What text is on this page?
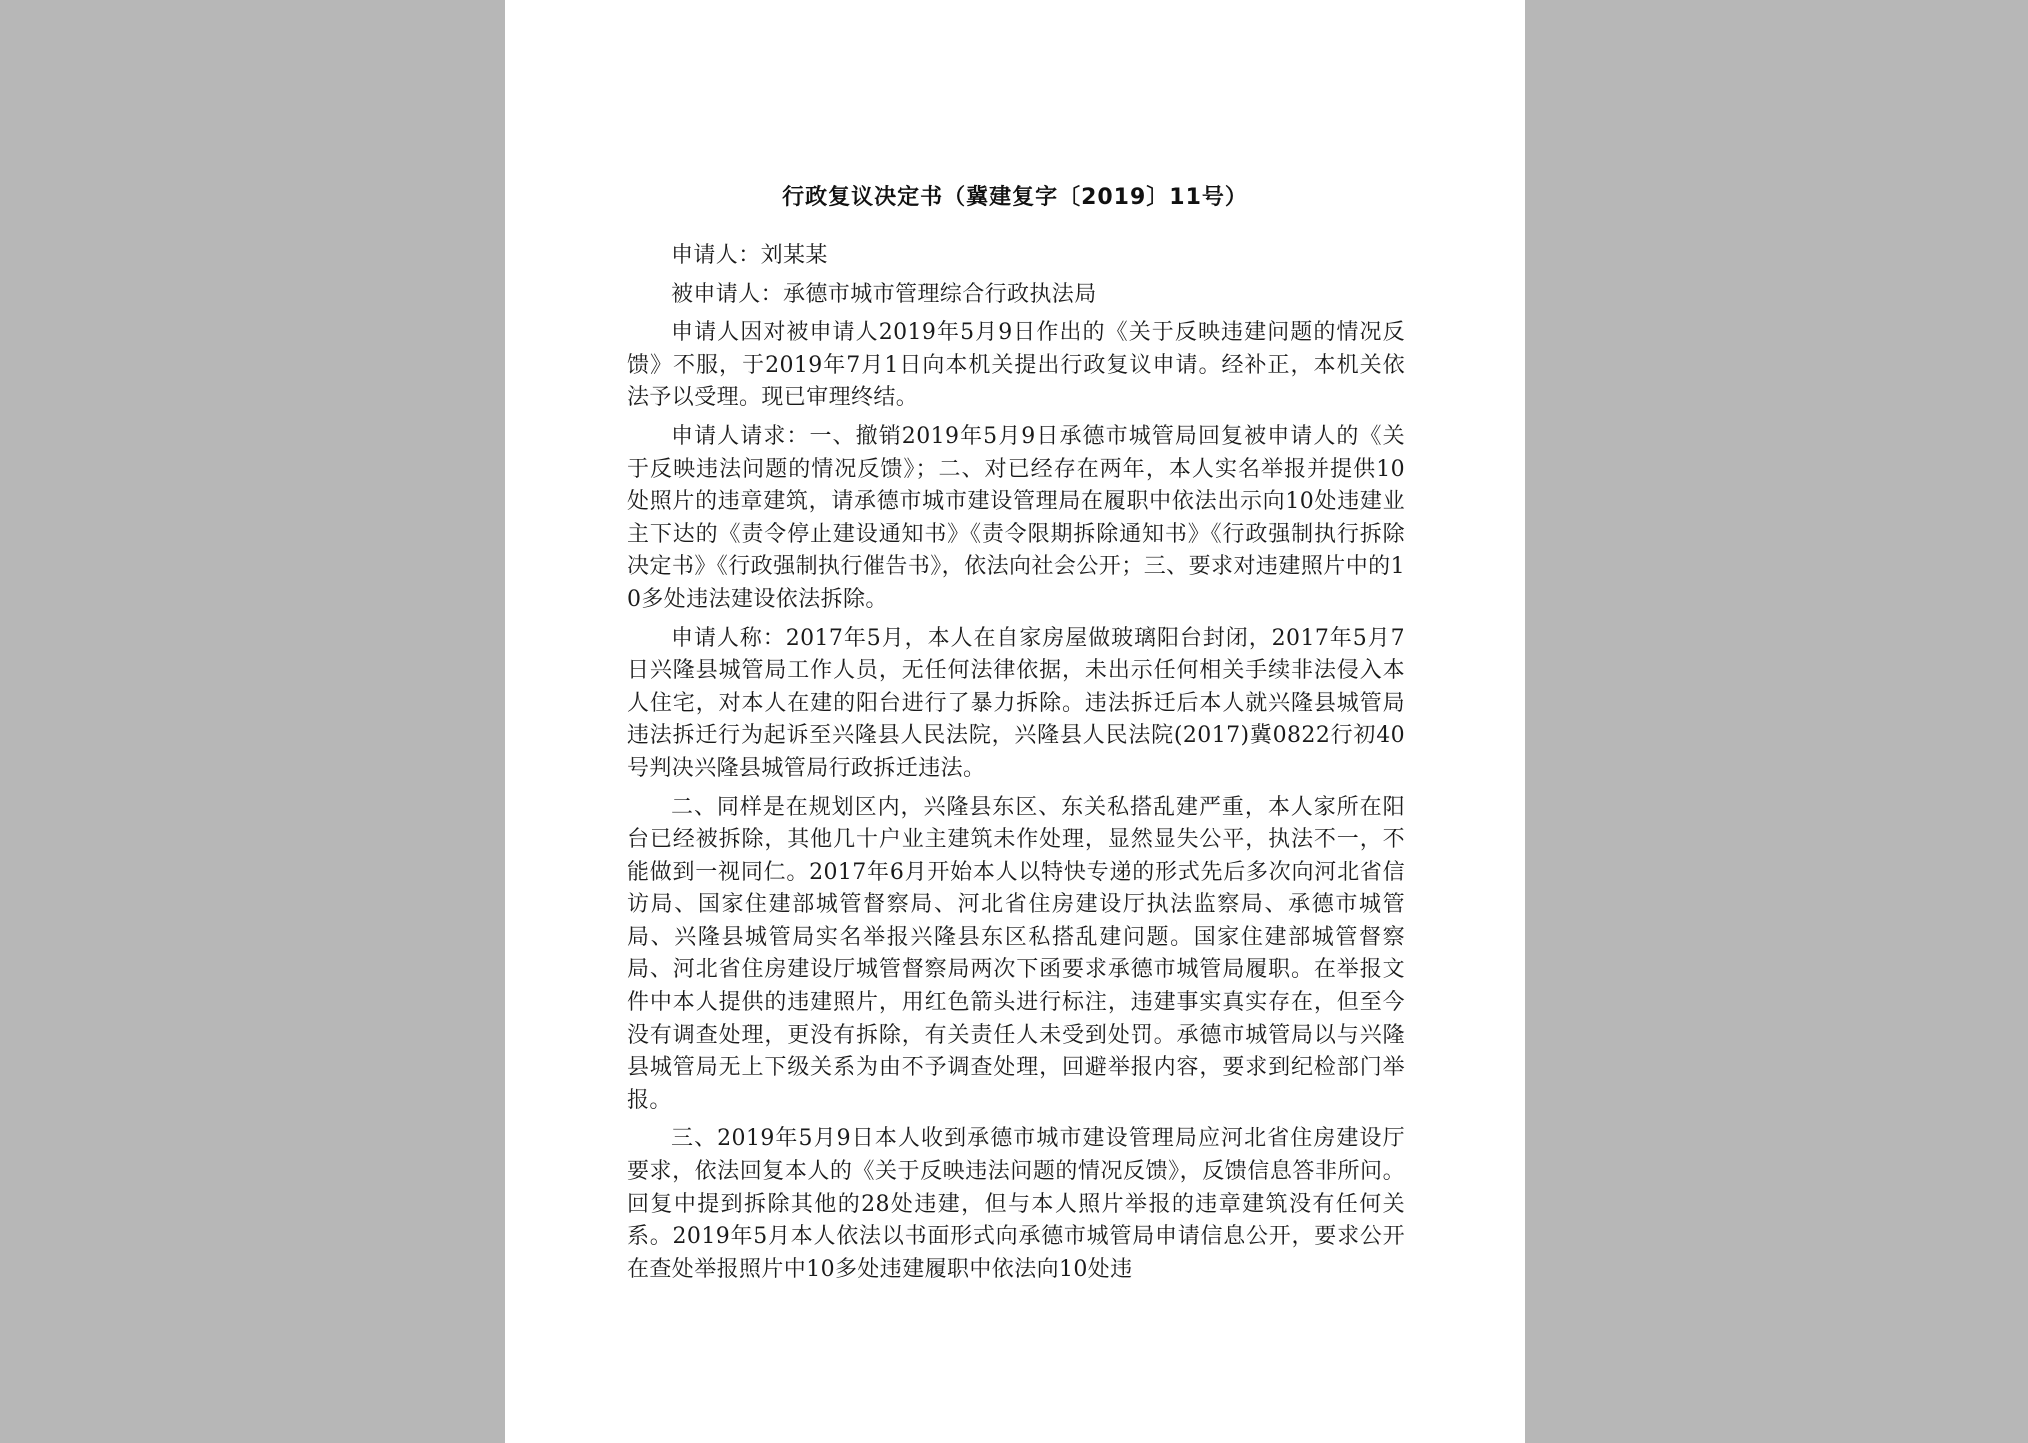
行政复议决定书（冀建复字〔2019〕11号）

申请人：刘某某

被申请人：承德市城市管理综合行政执法局

申请人因对被申请人2019年5月9日作出的《关于反映违建问题的情况反馈》不服，于2019年7月1日向本机关提出行政复议申请。经补正，本机关依法予以受理。现已审理终结。

申请人请求：一、撤销2019年5月9日承德市城管局回复被申请人的《关于反映违法问题的情况反馈》；二、对已经存在两年，本人实名举报并提供10处照片的违章建筑，请承德市城市建设管理局在履职中依法出示向10处违建业主下达的《责令停止建设通知书》《责令限期拆除通知书》《行政强制执行拆除决定书》《行政强制执行催告书》，依法向社会公开；三、要求对违建照片中的10多处违法建设依法拆除。

申请人称：2017年5月，本人在自家房屋做玻璃阳台封闭，2017年5月7日兴隆县城管局工作人员，无任何法律依据，未出示任何相关手续非法侵入本人住宅，对本人在建的阳台进行了暴力拆除。违法拆迁后本人就兴隆县城管局违法拆迁行为起诉至兴隆县人民法院，兴隆县人民法院(2017)冀0822行初40号判决兴隆县城管局行政拆迁违法。

二、同样是在规划区内，兴隆县东区、东关私搭乱建严重，本人家所在阳台已经被拆除，其他几十户业主建筑未作处理，显然显失公平，执法不一，不能做到一视同仁。2017年6月开始本人以特快专递的形式先后多次向河北省信访局、国家住建部城管督察局、河北省住房建设厅执法监察局、承德市城管局、兴隆县城管局实名举报兴隆县东区私搭乱建问题。国家住建部城管督察局、河北省住房建设厅城管督察局两次下函要求承德市城管局履职。在举报文件中本人提供的违建照片，用红色箭头进行标注，违建事实真实存在，但至今没有调查处理，更没有拆除，有关责任人未受到处罚。承德市城管局以与兴隆县城管局无上下级关系为由不予调查处理，回避举报内容，要求到纪检部门举报。

三、2019年5月9日本人收到承德市城市建设管理局应河北省住房建设厅要求，依法回复本人的《关于反映违法问题的情况反馈》，反馈信息答非所问。回复中提到拆除其他的28处违建，但与本人照片举报的违章建筑没有任何关系。2019年5月本人依法以书面形式向承德市城管局申请信息公开，要求公开在查处举报照片中10多处违建履职中依法向10处违
